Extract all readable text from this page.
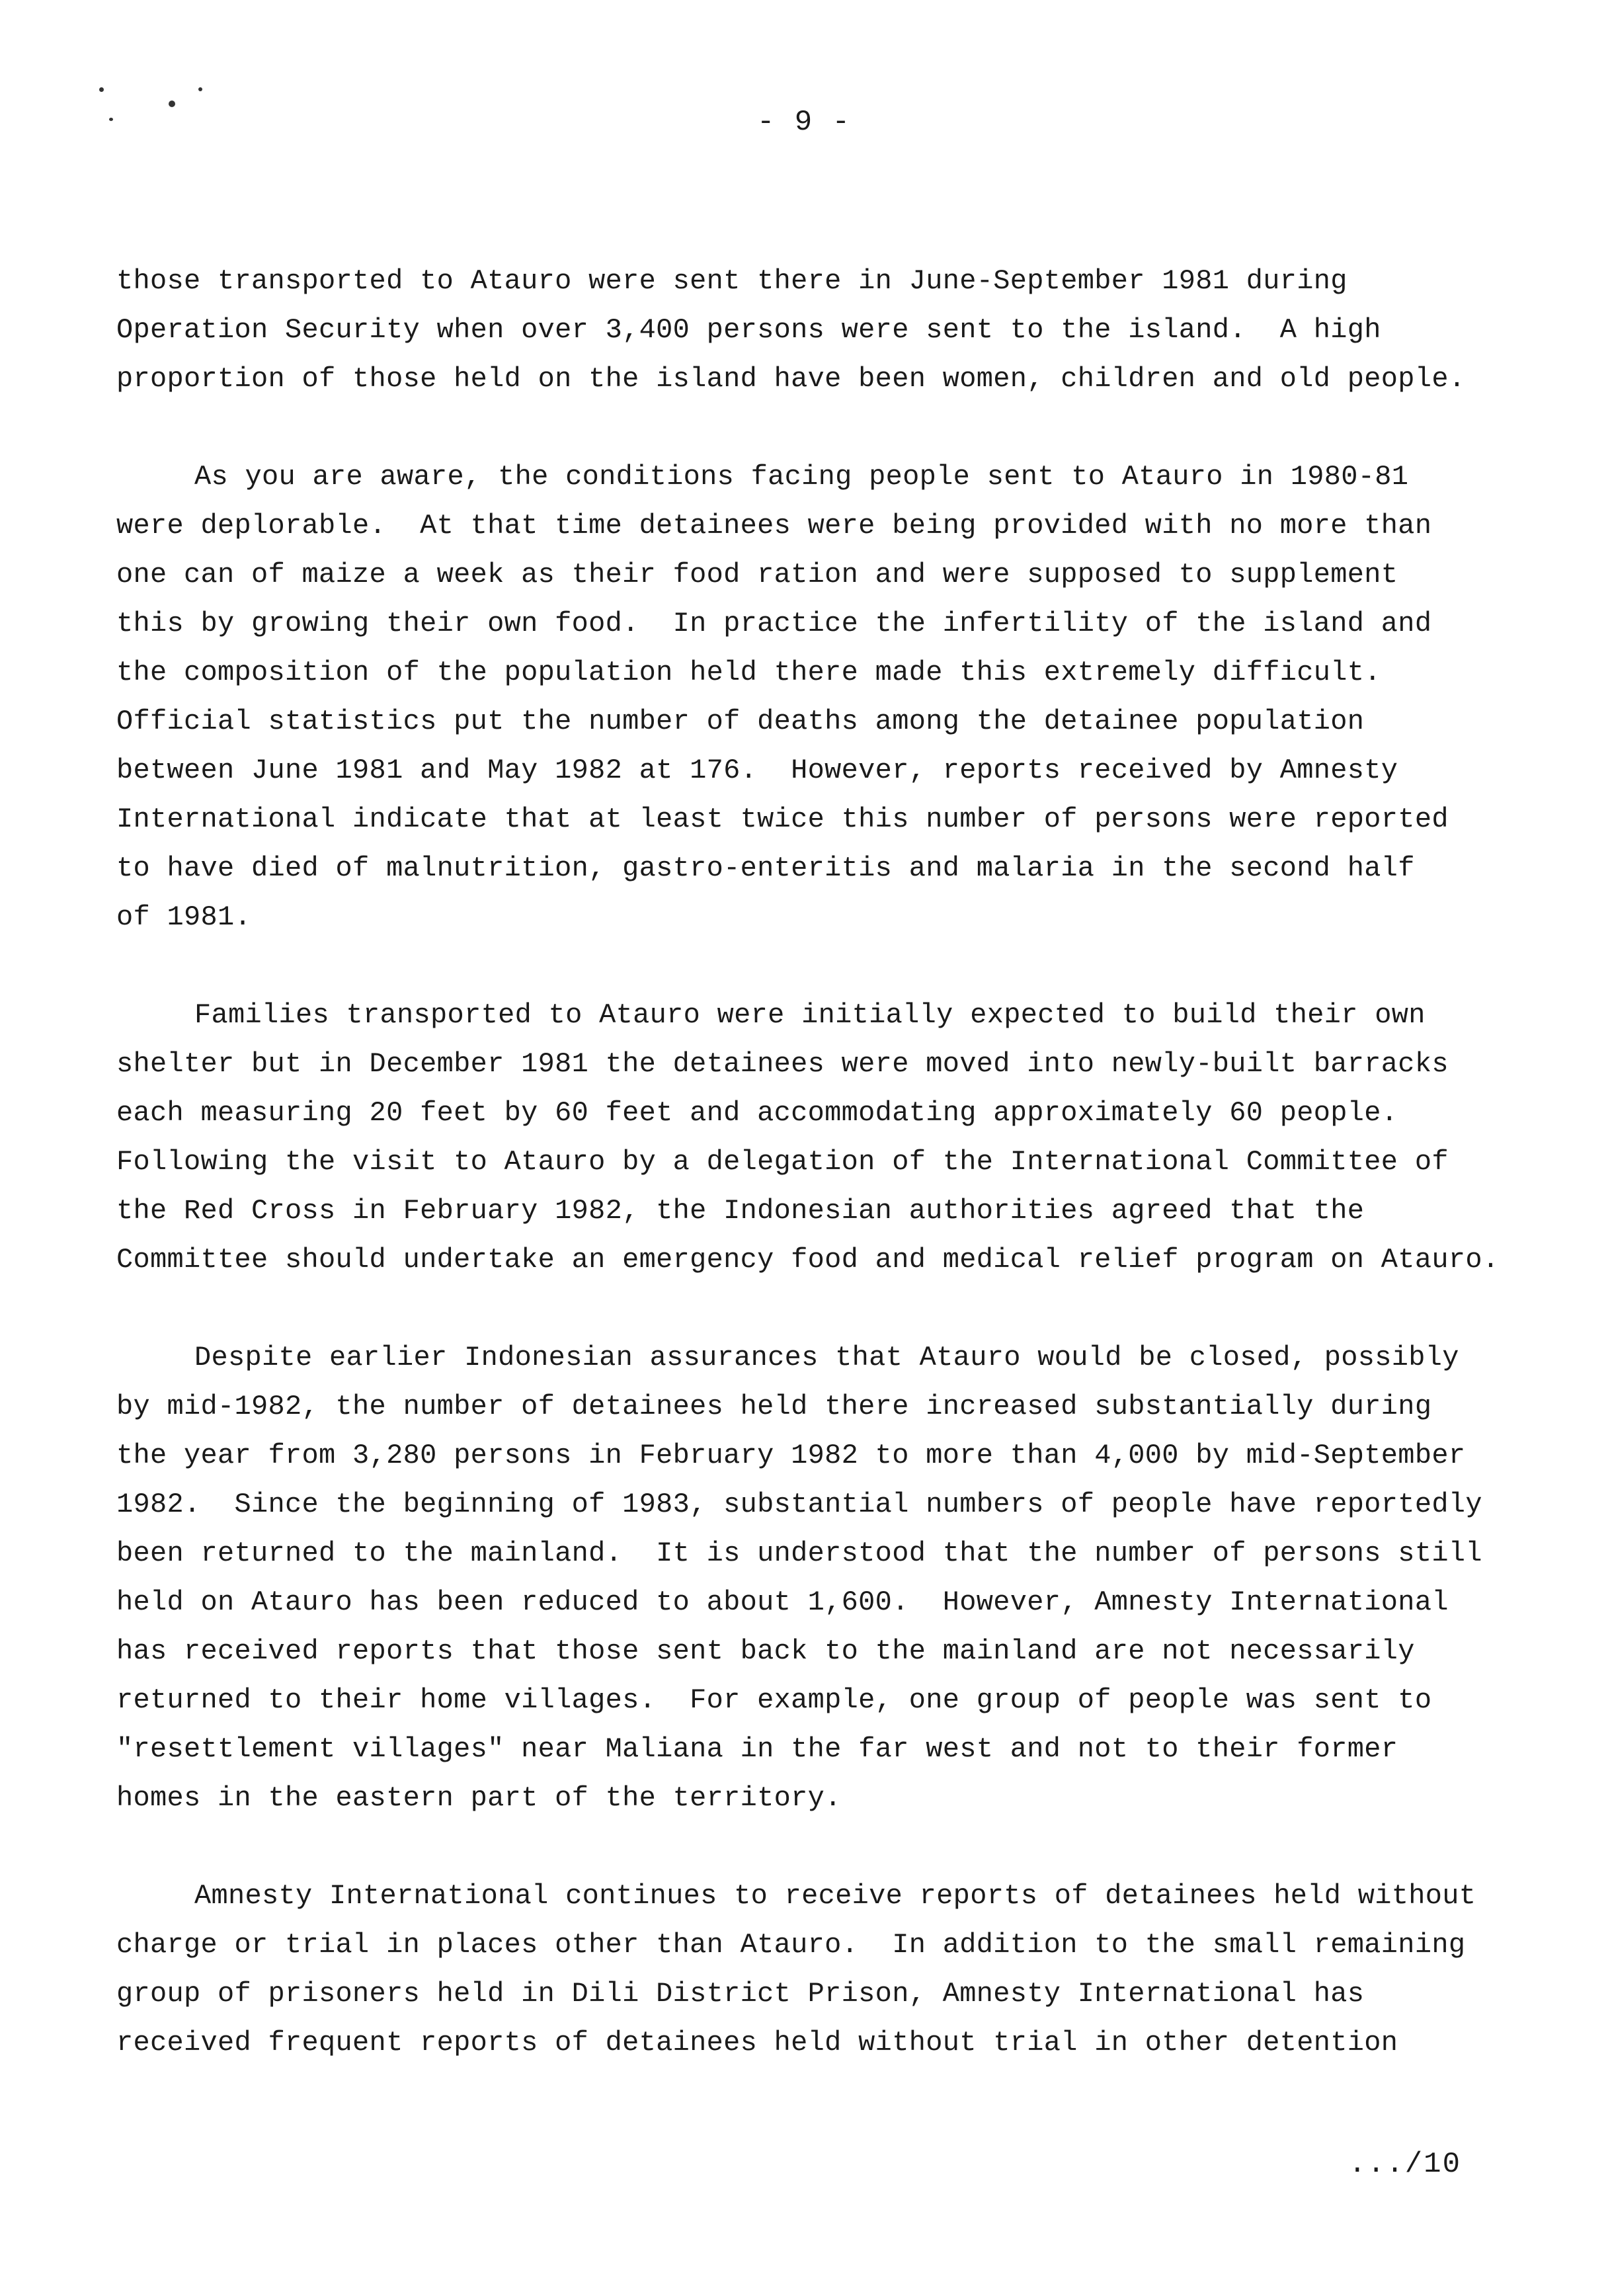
- 9 -
those transported to Atauro were sent there in June-September 1981 during
Operation Security when over 3,400 persons were sent to the island.  A high
proportion of those held on the island have been women, children and old people.
As you are aware, the conditions facing people sent to Atauro in 1980-81
were deplorable.  At that time detainees were being provided with no more than
one can of maize a week as their food ration and were supposed to supplement
this by growing their own food.  In practice the infertility of the island and
the composition of the population held there made this extremely difficult.
Official statistics put the number of deaths among the detainee population
between June 1981 and May 1982 at 176.  However, reports received by Amnesty
International indicate that at least twice this number of persons were reported
to have died of malnutrition, gastro-enteritis and malaria in the second half
of 1981.
Families transported to Atauro were initially expected to build their own
shelter but in December 1981 the detainees were moved into newly-built barracks
each measuring 20 feet by 60 feet and accommodating approximately 60 people.
Following the visit to Atauro by a delegation of the International Committee of
the Red Cross in February 1982, the Indonesian authorities agreed that the
Committee should undertake an emergency food and medical relief program on Atauro.
Despite earlier Indonesian assurances that Atauro would be closed, possibly
by mid-1982, the number of detainees held there increased substantially during
the year from 3,280 persons in February 1982 to more than 4,000 by mid-September
1982.  Since the beginning of 1983, substantial numbers of people have reportedly
been returned to the mainland.  It is understood that the number of persons still
held on Atauro has been reduced to about 1,600.  However, Amnesty International
has received reports that those sent back to the mainland are not necessarily
returned to their home villages.  For example, one group of people was sent to
"resettlement villages" near Maliana in the far west and not to their former
homes in the eastern part of the territory.
Amnesty International continues to receive reports of detainees held without
charge or trial in places other than Atauro.  In addition to the small remaining
group of prisoners held in Dili District Prison, Amnesty International has
received frequent reports of detainees held without trial in other detention
.../10
